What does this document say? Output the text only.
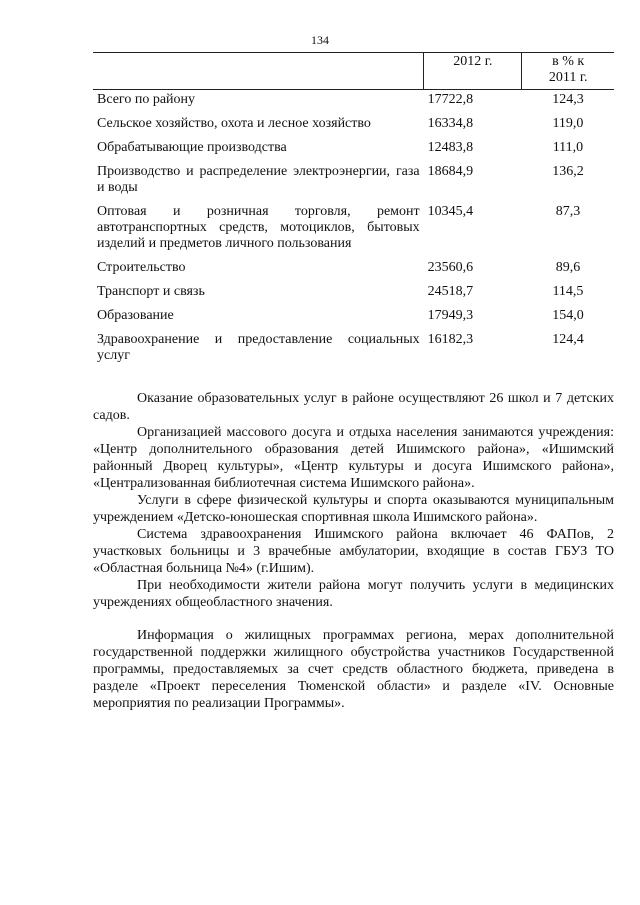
134
	2012 г.	в % к
2011 г.
Всего по району	17722,8	124,3
Сельское хозяйство, охота и лесное хозяйство	16334,8	119,0
Обрабатывающие производства	12483,8	111,0
Производство и распределение электроэнергии, газа и воды	18684,9	136,2
Оптовая и розничная торговля, ремонт автотранспортных средств, мотоциклов, бытовых изделий и предметов личного пользования	10345,4	87,3
Строительство	23560,6	89,6
Транспорт и связь	24518,7	114,5
Образование	17949,3	154,0
Здравоохранение и предоставление социальных услуг	16182,3	124,4

Оказание образовательных услуг в районе осуществляют 26 школ и 7 детских садов.

Организацией массового досуга и отдыха населения занимаются учреждения: «Центр дополнительного образования детей Ишимского района», «Ишимский районный Дворец культуры», «Центр культуры и досуга Ишимского района», «Централизованная библиотечная система Ишимского района».

Услуги в сфере физической культуры и спорта оказываются муниципальным учреждением «Детско-юношеская спортивная школа Ишимского района».

Система здравоохранения Ишимского района включает 46 ФАПов, 2 участковых больницы и 3 врачебные амбулатории, входящие в состав ГБУЗ ТО «Областная больница №4» (г.Ишим).

При необходимости жители района могут получить услуги в медицинских учреждениях общеобластного значения.

Информация о жилищных программах региона, мерах дополнительной государственной поддержки жилищного обустройства участников Государственной программы, предоставляемых за счет средств областного бюджета, приведена в разделе «Проект переселения Тюменской области» и разделе «IV. Основные мероприятия по реализации Программы».
